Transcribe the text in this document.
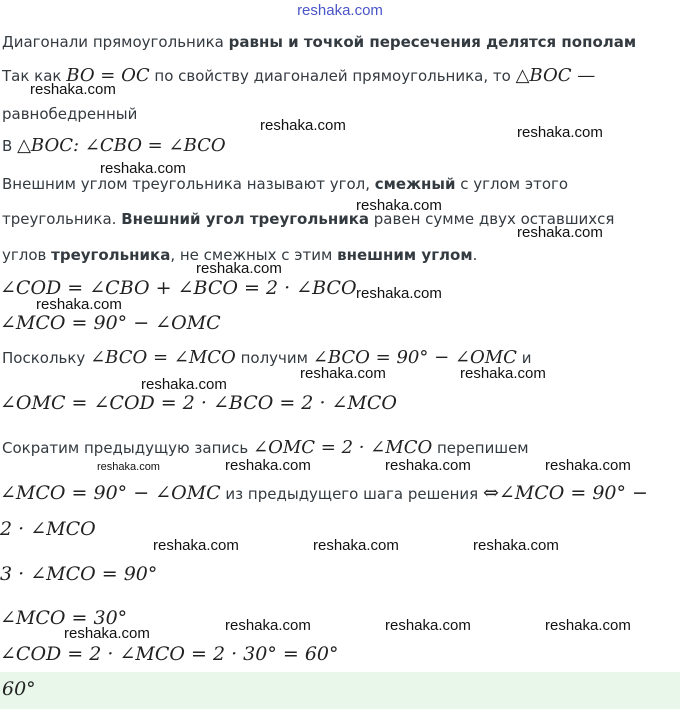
reshaka.com
Диагонали прямоугольника равны и точкой пересечения делятся пополам
Так как BO = OC по свойству диагоналей прямоугольника, то △BOC —
равнобедренный
В △BOC: ∠CBO = ∠BCO
Внешним углом треугольника называют угол, смежный с углом этого
треугольника. Внешний угол треугольника равен сумме двух оставшихся
углов треугольника, не смежных с этим внешним углом.
∠COD = ∠CBO + ∠BCO = 2 · ∠BCO
∠MCO = 90° − ∠OMC
Поскольку ∠BCO = ∠MCO получим ∠BCO = 90° − ∠OMC и
∠OMC = ∠COD = 2 · ∠BCO = 2 · ∠MCO
Сократим предыдущую запись ∠OMC = 2 · ∠MCO перепишем
∠MCO = 90° − ∠OMC из предыдущего шага решения ⇔∠MCO = 90° −
2 · ∠MCO
3 · ∠MCO = 90°
∠MCO = 30°
∠COD = 2 · ∠MCO = 2 · 30° = 60°
60°
reshaka.com
reshaka.com	reshaka.com
reshaka.com
reshaka.com
reshaka.com
reshaka.com
reshaka.com
reshaka.com
reshaka.com
reshaka.com	reshaka.com
reshaka.com	reshaka.com	reshaka.com	reshaka.com
reshaka.com	reshaka.com	reshaka.com
reshaka.com	reshaka.com	reshaka.com	reshaka.com
